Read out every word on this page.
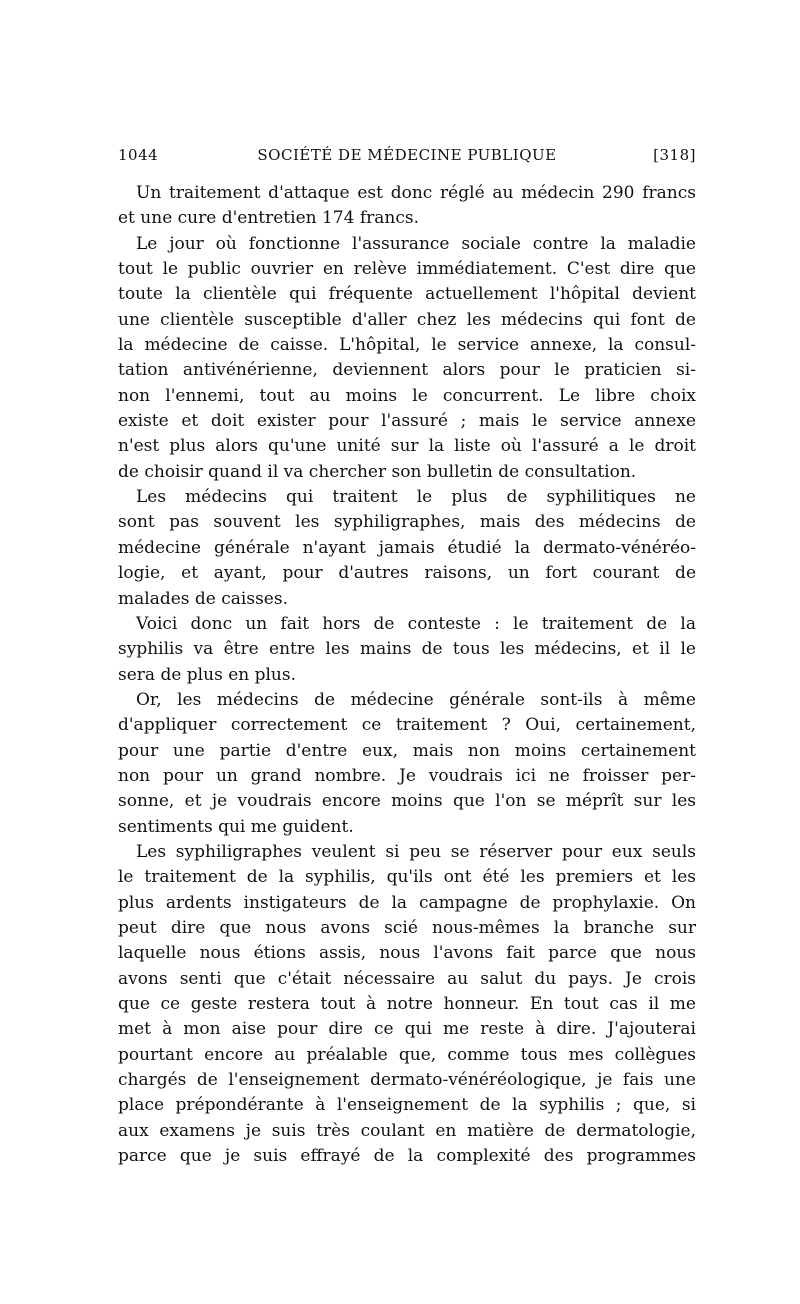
1044	SOCIÉTÉ DE MÉDECINE PUBLIQUE	[318]
Un traitement d'attaque est donc réglé au médecin 290 francs
et une cure d'entretien 174 francs.
Le jour où fonctionne l'assurance sociale contre la maladie
tout le public ouvrier en relève immédiatement. C'est dire que
toute la clientèle qui fréquente actuellement l'hôpital devient
une clientèle susceptible d'aller chez les médecins qui font de
la médecine de caisse. L'hôpital, le service annexe, la consul-
tation antivénérienne, deviennent alors pour le praticien si-
non l'ennemi, tout au moins le concurrent. Le libre choix
existe et doit exister pour l'assuré ; mais le service annexe
n'est plus alors qu'une unité sur la liste où l'assuré a le droit
de choisir quand il va chercher son bulletin de consultation.
Les médecins qui traitent le plus de syphilitiques ne
sont pas souvent les syphiligraphes, mais des médecins de
médecine générale n'ayant jamais étudié la dermato-vénéréo-
logie, et ayant, pour d'autres raisons, un fort courant de
malades de caisses.
Voici donc un fait hors de conteste : le traitement de la
syphilis va être entre les mains de tous les médecins, et il le
sera de plus en plus.
Or, les médecins de médecine générale sont-ils à même
d'appliquer correctement ce traitement ? Oui, certainement,
pour une partie d'entre eux, mais non moins certainement
non pour un grand nombre. Je voudrais ici ne froisser per-
sonne, et je voudrais encore moins que l'on se méprît sur les
sentiments qui me guident.
Les syphiligraphes veulent si peu se réserver pour eux seuls
le traitement de la syphilis, qu'ils ont été les premiers et les
plus ardents instigateurs de la campagne de prophylaxie. On
peut dire que nous avons scié nous-mêmes la branche sur
laquelle nous étions assis, nous l'avons fait parce que nous
avons senti que c'était nécessaire au salut du pays. Je crois
que ce geste restera tout à notre honneur. En tout cas il me
met à mon aise pour dire ce qui me reste à dire. J'ajouterai
pourtant encore au préalable que, comme tous mes collègues
chargés de l'enseignement dermato-vénéréologique, je fais une
place prépondérante à l'enseignement de la syphilis ; que, si
aux examens je suis très coulant en matière de dermatologie,
parce que je suis effrayé de la complexité des programmes
